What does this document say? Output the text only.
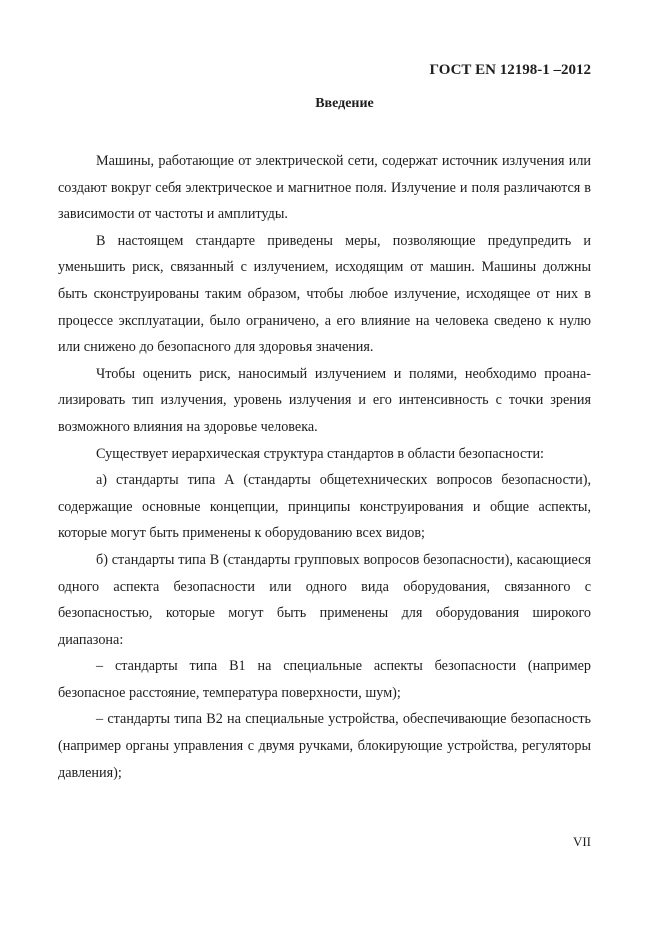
ГОСТ EN 12198-1 –2012
Введение

Машины, работающие от электрической сети, содержат источник излучения или создают вокруг себя электрическое и магнитное поля. Излучение и поля различаются в зависимости от частоты и амплитуды.

В настоящем стандарте приведены меры, позволяющие предупредить и уменьшить риск, связанный с излучением, исходящим от машин. Машины должны быть сконструированы таким образом, чтобы любое излучение, исходящее от них в процессе эксплуатации, было ограничено, а его влияние на человека сведено к нулю или снижено до безопасного для здоровья значения.

Чтобы оценить риск, наносимый излучением и полями, необходимо проанализировать тип излучения, уровень излучения и его интенсивность с точки зрения возможного влияния на здоровье человека.

Существует иерархическая структура стандартов в области безопасности:

а) стандарты типа А (стандарты общетехнических вопросов безопасности), содержащие основные концепции, принципы конструирования и общие аспекты, которые могут быть применены к оборудованию всех видов;

б) стандарты типа В (стандарты групповых вопросов безопасности), касающиеся одного аспекта безопасности или одного вида оборудования, связанного с безопасностью, которые могут быть применены для оборудования широкого диапазона:

– стандарты типа В1 на специальные аспекты безопасности (например безопасное расстояние, температура поверхности, шум);

– стандарты типа В2 на специальные устройства, обеспечивающие безопасность (например органы управления с двумя ручками, блокирующие устройства, регуляторы давления);

VII
